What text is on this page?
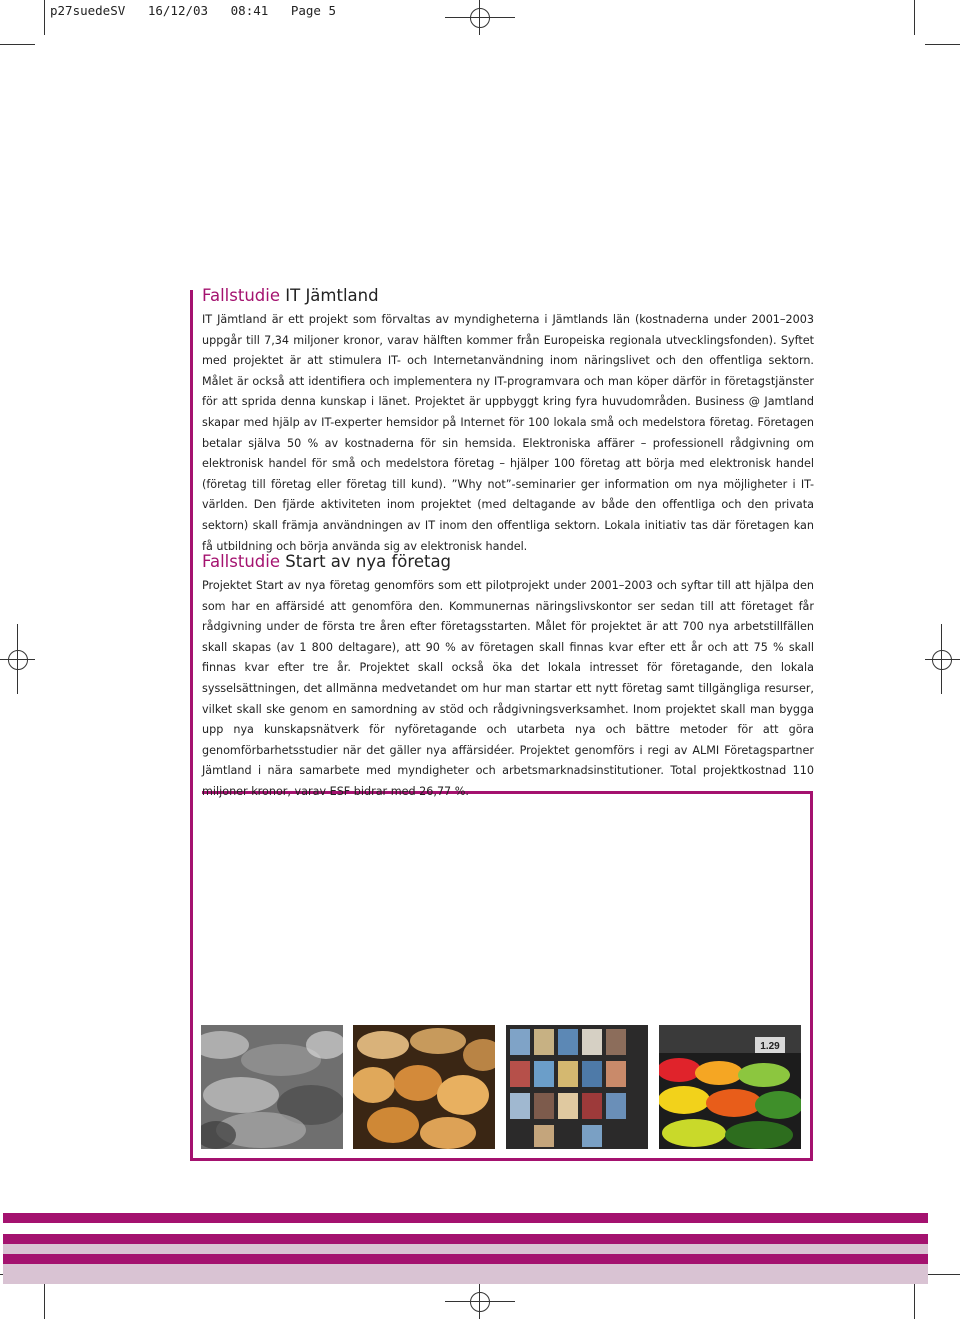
p27suedeSV 16/12/03 08:41 Page 5
Fallstudie IT Jämtland

IT Jämtland är ett projekt som förvaltas av myndigheterna i Jämtlands län (kostnaderna under 2001–2003 uppgår till 7,34 miljoner kronor, varav hälften kommer från Europeiska regionala utvecklingsfonden). Syftet med projektet är att stimulera IT- och Internetanvändning inom näringslivet och den offentliga sektorn. Målet är också att identifiera och implementera ny IT-programvara och man köper därför in företagstjänster för att sprida denna kunskap i länet. Projektet är uppbyggt kring fyra huvudområden. Business @ Jamtland skapar med hjälp av IT-experter hemsidor på Internet för 100 lokala små och medelstora företag. Företagen betalar själva 50 % av kostnaderna för sin hemsida. Elektroniska affärer – professionell rådgivning om elektronisk handel för små och medelstora företag – hjälper 100 företag att börja med elektronisk handel (företag till företag eller företag till kund). ”Why not”-seminarier ger information om nya möjligheter i IT-världen. Den fjärde aktiviteten inom projektet (med deltagande av både den offentliga och den privata sektorn) skall främja användningen av IT inom den offentliga sektorn. Lokala initiativ tas där företagen kan få utbildning och börja använda sig av elektronisk handel.

Fallstudie Start av nya företag

Projektet Start av nya företag genomförs som ett pilotprojekt under 2001–2003 och syftar till att hjälpa den som har en affärsidé att genomföra den. Kommunernas näringslivskontor ser sedan till att företaget får rådgivning under de första tre åren efter företagsstarten. Målet för projektet är att 700 nya arbetstillfällen skall skapas (av 1 800 deltagare), att 90 % av företagen skall finnas kvar efter ett år och att 75 % skall finnas kvar efter tre år. Projektet skall också öka det lokala intresset för företagande, den lokala sysselsättningen, det allmänna medvetandet om hur man startar ett nytt företag samt tillgängliga resurser, vilket skall ske genom en samordning av stöd och rådgivningsverksamhet. Inom projektet skall man bygga upp nya kunskapsnätverk för nyföretagande och utarbeta nya och bättre metoder för att göra genomförbarhetsstudier när det gäller nya affärsidéer. Projektet genomförs i regi av ALMI Företagspartner Jämtland i nära samarbete med myndigheter och arbetsmarknadsinstitutioner. Total projektkostnad 110 miljoner kronor, varav ESF bidrar med 26,77 %.

1.29
